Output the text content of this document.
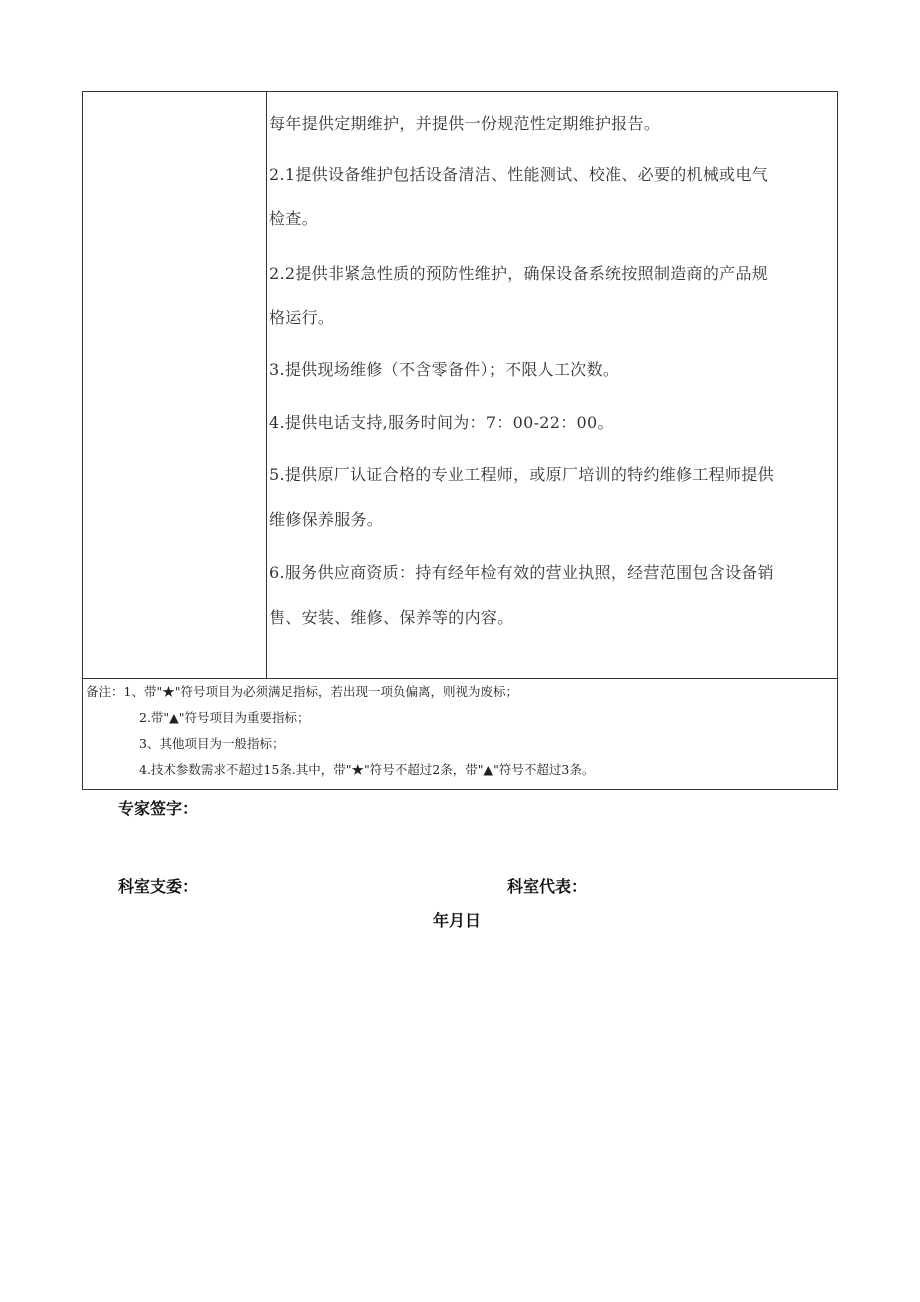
每年提供定期维护，并提供一份规范性定期维护报告。
2.1提供设备维护包括设备清洁、性能测试、校准、必要的机械或电气
检查。
2.2提供非紧急性质的预防性维护，确保设备系统按照制造商的产品规
格运行。
3.提供现场维修（不含零备件）；不限人工次数。
4.提供电话支持,服务时间为：7：00-22：00。
5.提供原厂认证合格的专业工程师，或原厂培训的特约维修工程师提供
维修保养服务。
6.服务供应商资质：持有经年检有效的营业执照，经营范围包含设备销
售、安装、维修、保养等的内容。
备注：1、带"★"符号项目为必须满足指标，若出现一项负偏离，则视为废标；
2.带"▲"符号项目为重要指标；
3、其他项目为一般指标；
4.技术参数需求不超过15条.其中，带"★"符号不超过2条，带"▲"符号不超过3条。
专家签字：
科室支委：	科室代表：
年月日
